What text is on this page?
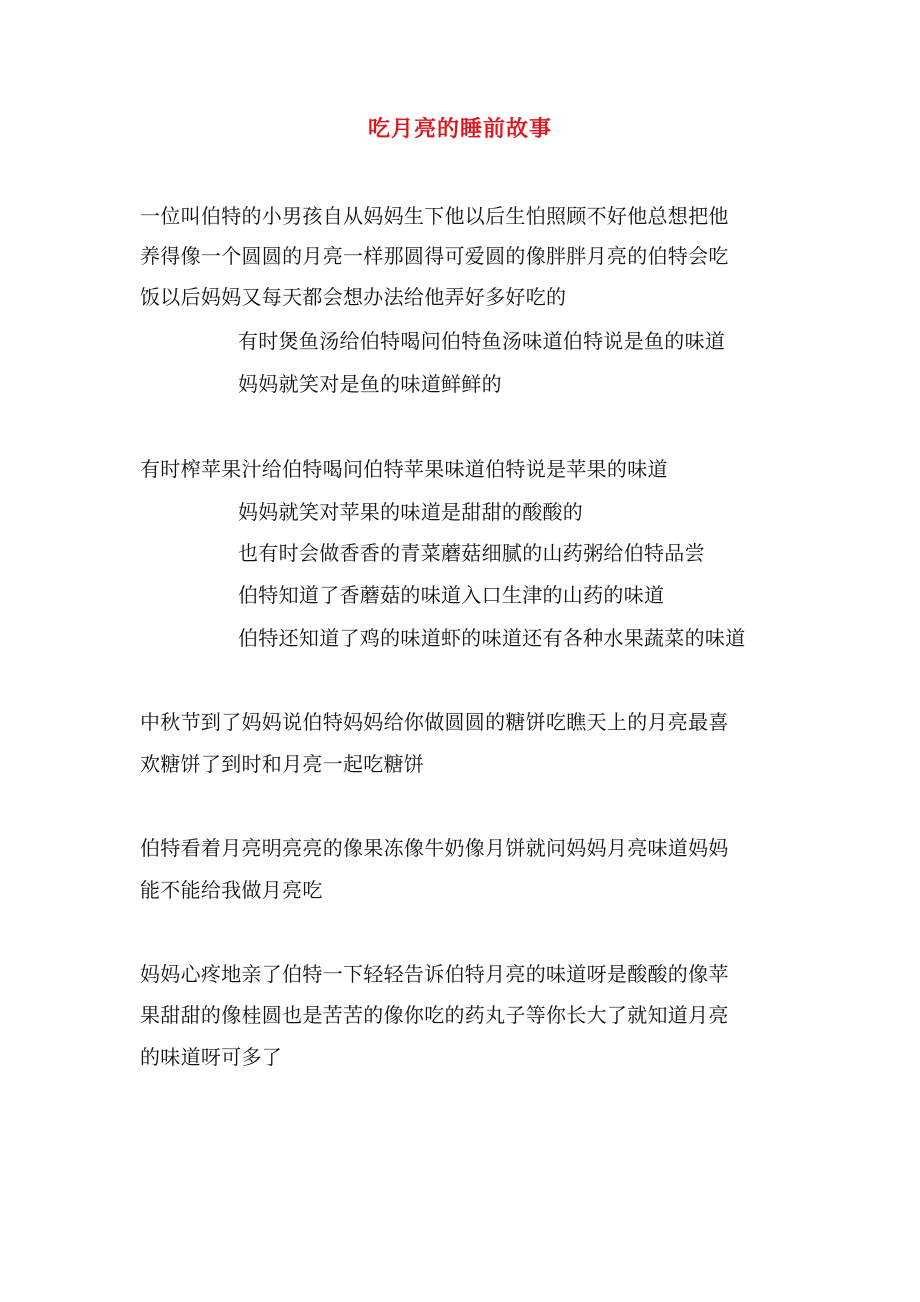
吃月亮的睡前故事
一位叫伯特的小男孩自从妈妈生下他以后生怕照顾不好他总想把他
养得像一个圆圆的月亮一样那圆得可爱圆的像胖胖月亮的伯特会吃
饭以后妈妈又每天都会想办法给他弄好多好吃的
有时煲鱼汤给伯特喝问伯特鱼汤味道伯特说是鱼的味道
妈妈就笑对是鱼的味道鲜鲜的
有时榨苹果汁给伯特喝问伯特苹果味道伯特说是苹果的味道
妈妈就笑对苹果的味道是甜甜的酸酸的
也有时会做香香的青菜蘑菇细腻的山药粥给伯特品尝
伯特知道了香蘑菇的味道入口生津的山药的味道
伯特还知道了鸡的味道虾的味道还有各种水果蔬菜的味道
中秋节到了妈妈说伯特妈妈给你做圆圆的糖饼吃瞧天上的月亮最喜
欢糖饼了到时和月亮一起吃糖饼
伯特看着月亮明亮亮的像果冻像牛奶像月饼就问妈妈月亮味道妈妈
能不能给我做月亮吃
妈妈心疼地亲了伯特一下轻轻告诉伯特月亮的味道呀是酸酸的像苹
果甜甜的像桂圆也是苦苦的像你吃的药丸子等你长大了就知道月亮
的味道呀可多了
